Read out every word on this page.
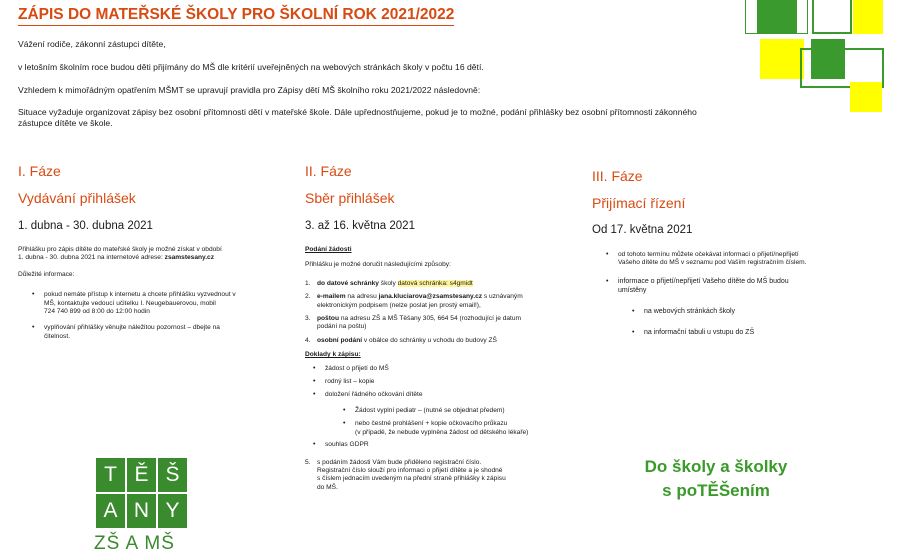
ZÁPIS DO MATEŘSKÉ ŠKOLY PRO ŠKOLNÍ ROK 2021/2022

Vážení rodiče, zákonní zástupci dítěte,

v letošním školním roce budou děti přijímány do MŠ dle kritérií uveřejněných na webových stránkách školy v počtu 16 dětí.

Vzhledem k mimořádným opatřením MŠMT se upravují pravidla pro Zápisy dětí MŠ školního roku 2021/2022 následovně:

Situace vyžaduje organizovat zápisy bez osobní přítomnosti dětí v mateřské škole. Dále upřednostňujeme, pokud je to možné, podání přihlášky bez osobní přítomnosti zákonného

zástupce dítěte ve škole.

I. Fáze
Vydávání přihlášek
1. dubna - 30. dubna 2021
Přihlášku pro zápis dítěte do mateřské školy je možné získat v období
1. dubna - 30. dubna 2021 na internetové adrese: zsamstesany.cz
Důležité informace:
• pokud nemáte přístup k internetu a chcete přihlášku vyzvednout v
MŠ, kontaktujte vedoucí učitelku I. Neugebauerovou, mobil
724 740 899 od 8:00 do 12:00 hodin
• vyplňování přihlášky věnujte náležitou pozornost – dbejte na
čitelnost.
II. Fáze
Sběr přihlášek
3. až 16. května 2021
Podání žádosti
Přihlášku je možné doručit následujícími způsoby:
1. do datové schránky školy datová schránka: s4gmidt
2. e-mailem na adresu jana.kluciarova@zsamstesany.cz s uznávaným
elektronickým podpisem (nelze poslat jen prostý email!),
3. poštou na adresu ZŠ a MŠ Těšany 305, 664 54 (rozhodující je datum
podání na poštu)
4. osobní podání v obálce do schránky u vchodu do budovy ZŠ
Doklady k zápisu:
• žádost o přijetí do MŠ
• rodný list – kopie
• doložení řádného očkování dítěte
• Žádost vyplní pediatr – (nutné se objednat předem)
• nebo čestné prohlášení + kopie očkovacího průkazu
(v případě, že nebude vyplněna žádost od dětského lékaře)
• souhlas GDPR
5. s podáním žádosti Vám bude přiděleno registrační číslo.
Registrační číslo slouží pro informaci o přijetí dítěte a je shodné
s číslem jednacím uvedeným na přední straně přihlášky k zápisu
do MŠ.
III. Fáze
Přijímací řízení
Od 17. května 2021
• od tohoto termínu můžete očekávat informaci o přijetí/nepřijetí
Vašeho dítěte do MŠ v seznamu pod Vaším registračním číslem.
• informace o přijetí/nepřijetí Vašeho dítěte do MŠ budou
umístěny
• na webových stránkách školy
• na informační tabuli u vstupu do ZŠ
T Ě Š
A N Y
ZŠ A MŠ
Do školy a školky
s poTĚŠením
